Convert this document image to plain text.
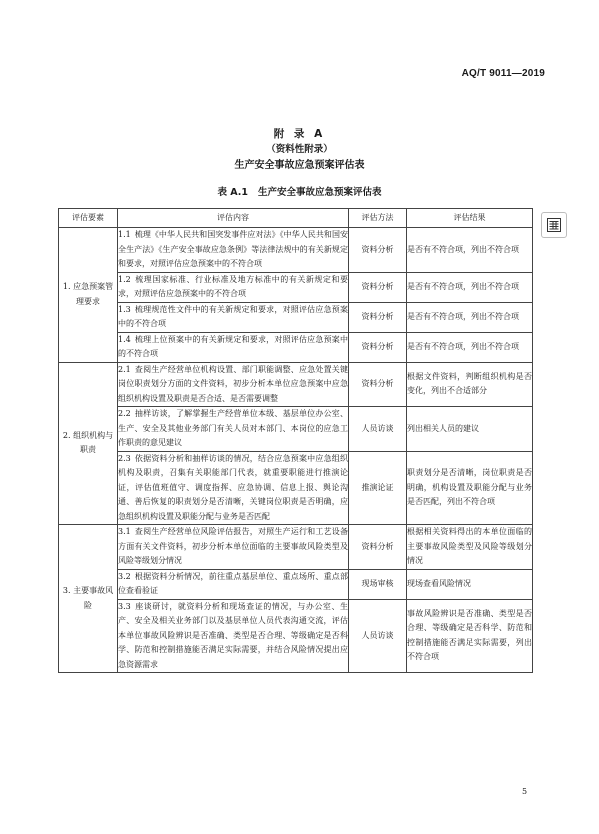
AQ/T 9011—2019
附 录 A
（资料性附录）
生产安全事故应急预案评估表
表 A.1 生产安全事故应急预案评估表
评估要素	评估内容	评估方法	评估结果
1. 应急预案管理要求	1.1 梳理《中华人民共和国突发事件应对法》《中华人民共和国安全生产法》《生产安全事故应急条例》等法律法规中的有关新规定和要求，对照评估应急预案中的不符合项	资料分析	是否有不符合项，列出不符合项
	1.2 梳理国家标准、行业标准及地方标准中的有关新规定和要求，对照评估应急预案中的不符合项	资料分析	是否有不符合项，列出不符合项
	1.3 梳理规范性文件中的有关新规定和要求，对照评估应急预案中的不符合项	资料分析	是否有不符合项，列出不符合项
	1.4 梳理上位预案中的有关新规定和要求，对照评估应急预案中的不符合项	资料分析	是否有不符合项，列出不符合项
2. 组织机构与职责	2.1 查阅生产经营单位机构设置、部门职能调整、应急处置关键岗位职责划分方面的文件资料，初步分析本单位应急预案中应急组织机构设置及职责是否合适、是否需要调整	资料分析	根据文件资料，判断组织机构是否变化，列出不合适部分
	2.2 抽样访谈，了解掌握生产经营单位本级、基层单位办公室、生产、安全及其他业务部门有关人员对本部门、本岗位的应急工作职责的意见建议	人员访谈	列出相关人员的建议
	2.3 依据资料分析和抽样访谈的情况，结合应急预案中应急组织机构及职责，召集有关职能部门代表，就重要职能进行推演论证，评估值班值守、调度指挥、应急协调、信息上报、舆论沟通、善后恢复的职责划分是否清晰，关键岗位职责是否明确，应急组织机构设置及职能分配与业务是否匹配	推演论证	职责划分是否清晰，岗位职责是否明确，机构设置及职能分配与业务是否匹配，列出不符合项
3. 主要事故风险	3.1 查阅生产经营单位风险评估报告，对照生产运行和工艺设备方面有关文件资料，初步分析本单位面临的主要事故风险类型及风险等级划分情况	资料分析	根据相关资料得出的本单位面临的主要事故风险类型及风险等级划分情况
	3.2 根据资料分析情况，前往重点基层单位、重点场所、重点部位查看验证	现场审核	现场查看风险情况
	3.3 座谈研讨，就资料分析和现场查证的情况，与办公室、生产、安全及相关业务部门以及基层单位人员代表沟通交流，评估本单位事故风险辨识是否准确、类型是否合理、等级确定是否科学、防范和控制措施能否满足实际需要，并结合风险情况提出应急资源需求	人员访谈	事故风险辨识是否准确、类型是否合理、等级确定是否科学、防范和控制措施能否满足实际需要，列出不符合项
5
